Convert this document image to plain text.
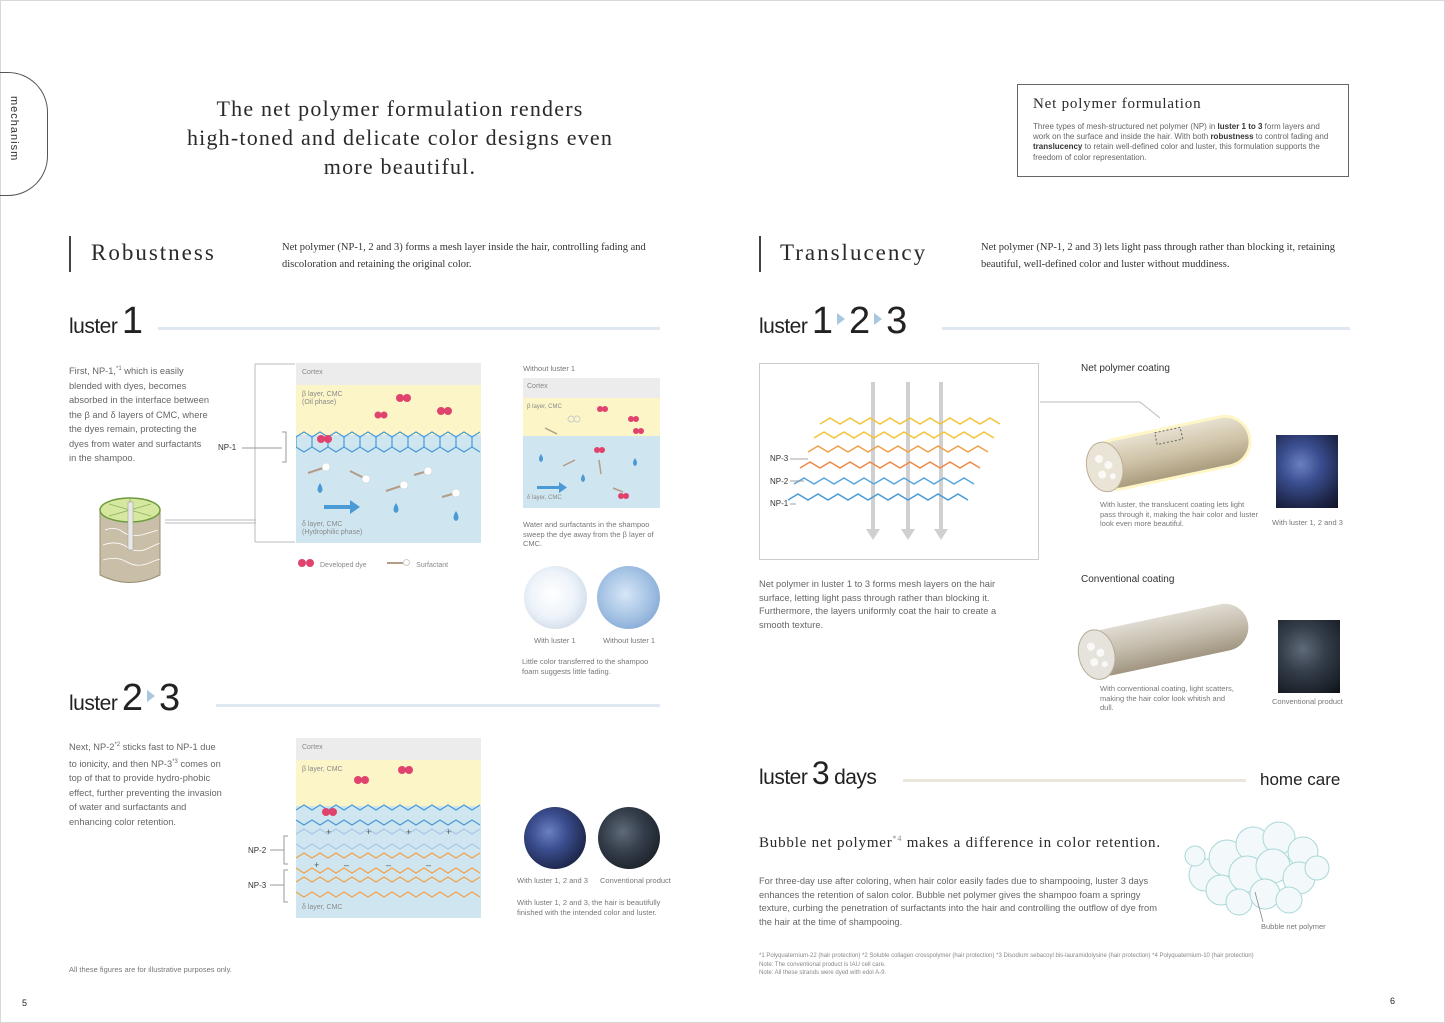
mechanism	The net polymer formulation renders
high-toned and delicate color designs even
more beautiful.
Net polymer formulation
Three types of mesh-structured net polymer (NP) in luster 1 to 3 form layers and work on the surface and inside the hair. With both robustness to control fading and translucency to retain well-defined color and luster, this formulation supports the freedom of color representation.
Robustness	Net polymer (NP-1, 2 and 3) forms a mesh layer inside the hair, controlling fading and discoloration and retaining the original color.	Translucency	Net polymer (NP-1, 2 and 3) lets light pass through rather than blocking it, retaining beautiful, well-defined color and luster without muddiness.
luster 1
First, NP-1,$^{*1}$ which is easily blended with dyes, becomes absorbed in the interface between the β and δ layers of CMC, where the dyes remain, protecting the dyes from water and surfactants in the shampoo.
NP-1
Cortex
β layer, CMC
(Oil phase)
δ layer, CMC
(Hydrophilic phase)
Developed dye	Surfactant
Without luster 1
Cortex
β layer, CMC
δ layer, CMC
Water and surfactants in the shampoo sweep the dye away from the β layer of CMC.
With luster 1	Without luster 1
Little color transferred to the shampoo foam suggests little fading.
luster 2 3
Next, NP-2$^{*2}$ sticks fast to NP-1 due to ionicity, and then NP-3$^{*3}$ comes on top of that to provide hydro-phobic effect, further preventing the invasion of water and surfactants and enhancing color retention.
NP-2
NP-3
Cortex
β layer, CMC
δ layer, CMC
+	+	+	+
+	–	–	–
With luster 1, 2 and 3 Conventional product
With luster 1, 2 and 3, the hair is beautifully finished with the intended color and luster.
All these figures are for illustrative purposes only.
5
luster 1 2 3
NP-3
NP-2
NP-1
Net polymer in luster 1 to 3 forms mesh layers on the hair surface, letting light pass through rather than blocking it. Furthermore, the layers uniformly coat the hair to create a smooth texture.
Net polymer coating
With luster, the translucent coating lets light pass through it, making the hair color and luster look even more beautiful.	With luster 1, 2 and 3
Conventional coating
With conventional coating, light scatters, making the hair color look whitish and dull.
Conventional product
luster 3 days	home care
Bubble net polymer$^{*4}$ makes a difference in color retention.
For three-day use after coloring, when hair color easily fades due to shampooing, luster 3 days enhances the retention of salon color. Bubble net polymer gives the shampoo foam a springy texture, curbing the penetration of surfactants into the hair and controlling the outflow of dye from the hair at the time of shampooing.	Bubble net polymer
*1 Polyquaternium-22 (hair protection) *2 Soluble collagen crosspolymer (hair protection) *3 Disodium sebacoyl bis-lauramidolysine (hair protection) *4 Polyquaternium-10 (hair protection)
Note: The conventional product is IAU cell care.
Note: All these strands were dyed with edol A-9.
6
